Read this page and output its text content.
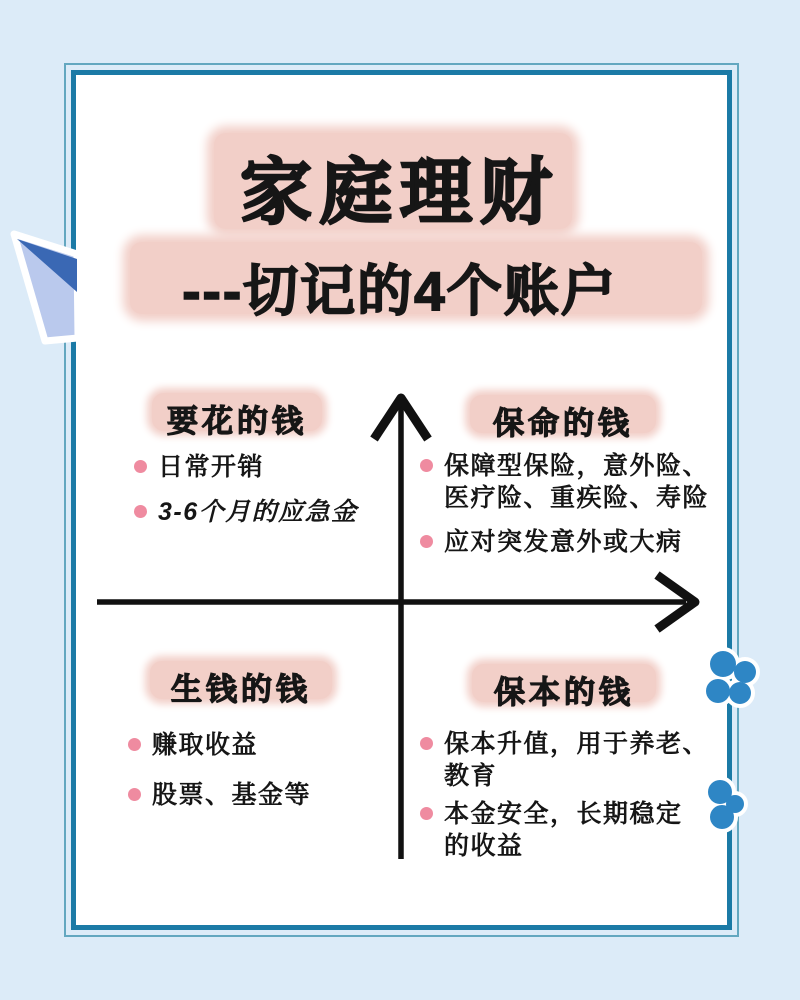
家庭理财
---切记的4个账户
要花的钱
日常开销
3-6个月的应急金
保命的钱
保障型保险，意外险、
医疗险、重疾险、寿险
应对突发意外或大病
生钱的钱
赚取收益
股票、基金等
保本的钱
保本升值，用于养老、
教育
本金安全，长期稳定
的收益
